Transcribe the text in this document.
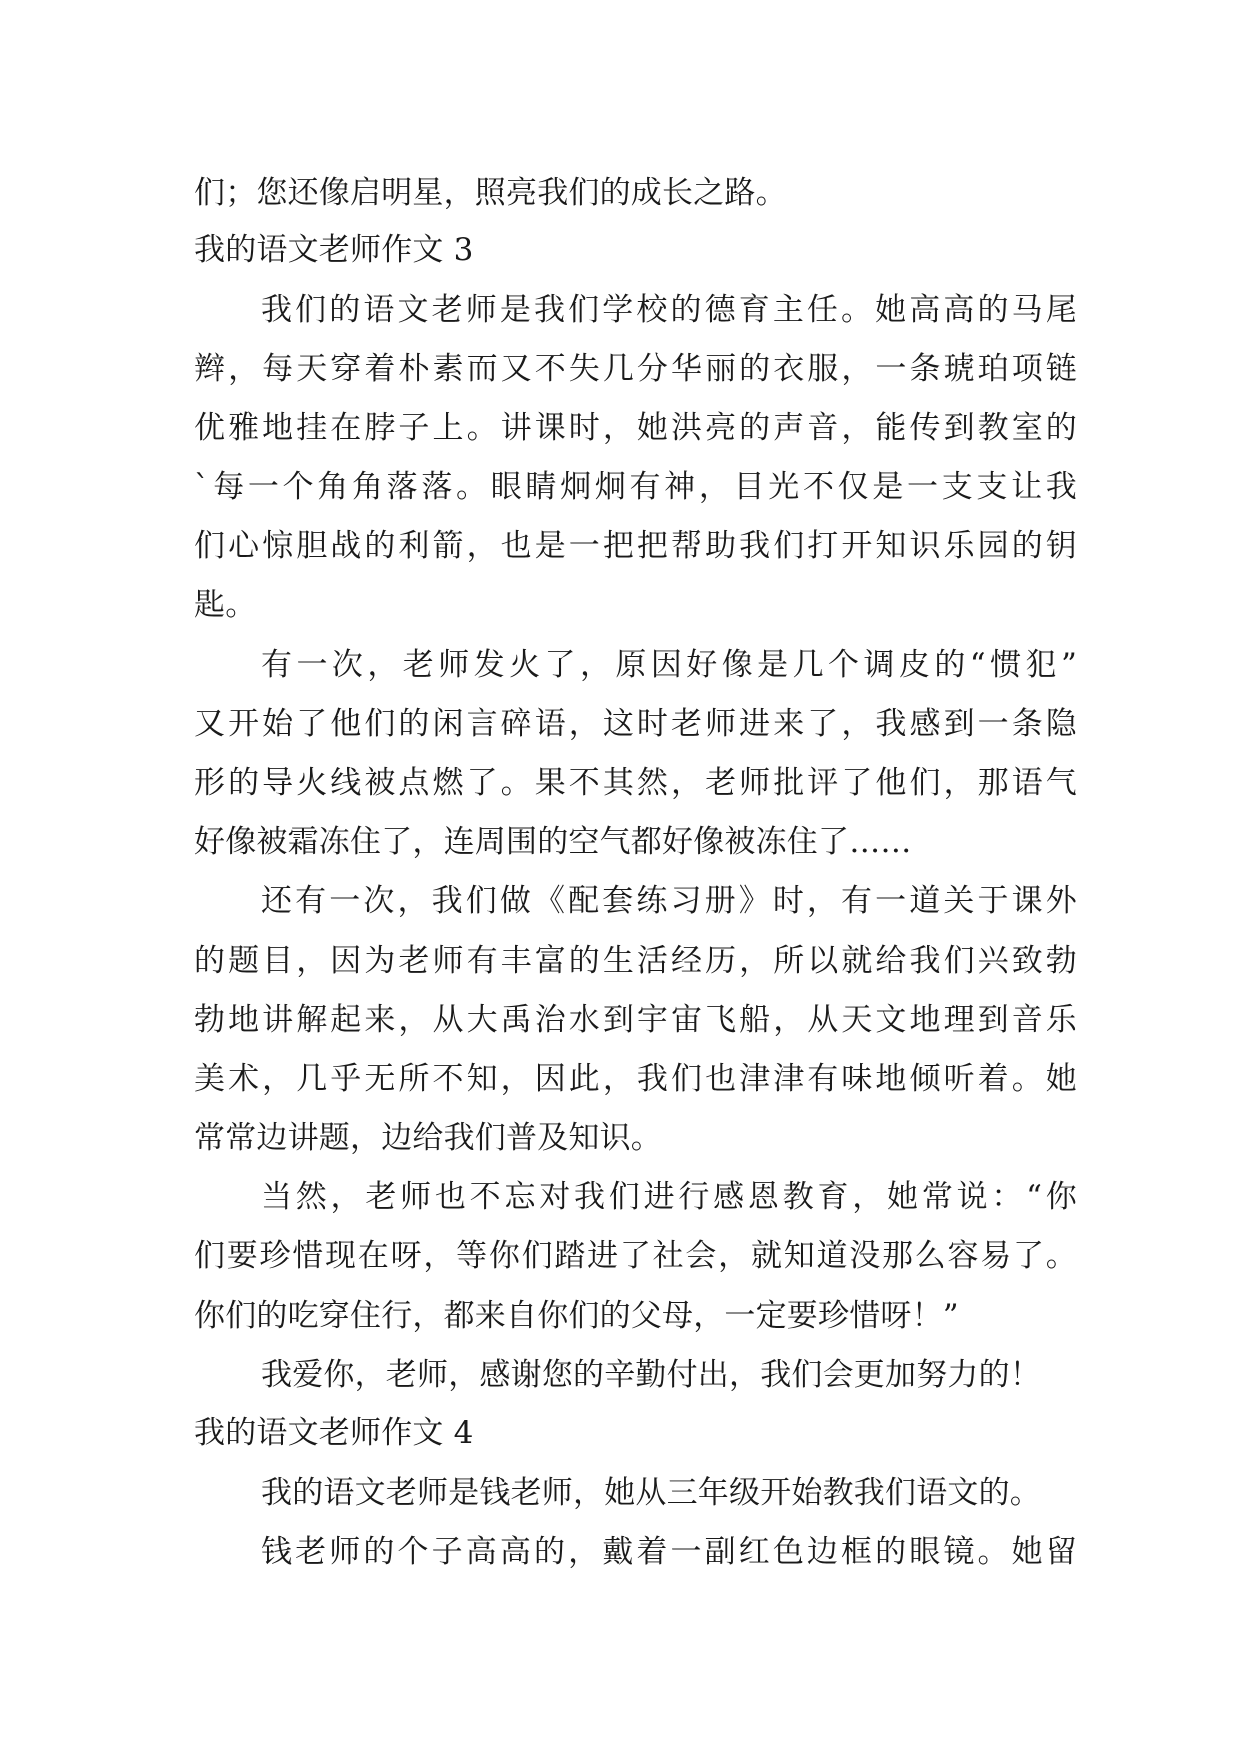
们；您还像启明星，照亮我们的成长之路。
我的语文老师作文 3
我们的语文老师是我们学校的德育主任。她高高的马尾
辫，每天穿着朴素而又不失几分华丽的衣服，一条琥珀项链
优雅地挂在脖子上。讲课时，她洪亮的声音，能传到教室的
`每一个角角落落。眼睛炯炯有神，目光不仅是一支支让我
们心惊胆战的利箭，也是一把把帮助我们打开知识乐园的钥
匙。
有一次，老师发火了，原因好像是几个调皮的“惯犯”
又开始了他们的闲言碎语，这时老师进来了，我感到一条隐
形的导火线被点燃了。果不其然，老师批评了他们，那语气
好像被霜冻住了，连周围的空气都好像被冻住了……
还有一次，我们做《配套练习册》时，有一道关于课外
的题目，因为老师有丰富的生活经历，所以就给我们兴致勃
勃地讲解起来，从大禹治水到宇宙飞船，从天文地理到音乐
美术，几乎无所不知，因此，我们也津津有味地倾听着。她
常常边讲题，边给我们普及知识。
当然，老师也不忘对我们进行感恩教育，她常说：“你
们要珍惜现在呀，等你们踏进了社会，就知道没那么容易了。
你们的吃穿住行，都来自你们的父母，一定要珍惜呀！”
我爱你，老师，感谢您的辛勤付出，我们会更加努力的！
我的语文老师作文 4
我的语文老师是钱老师，她从三年级开始教我们语文的。
钱老师的个子高高的，戴着一副红色边框的眼镜。她留
